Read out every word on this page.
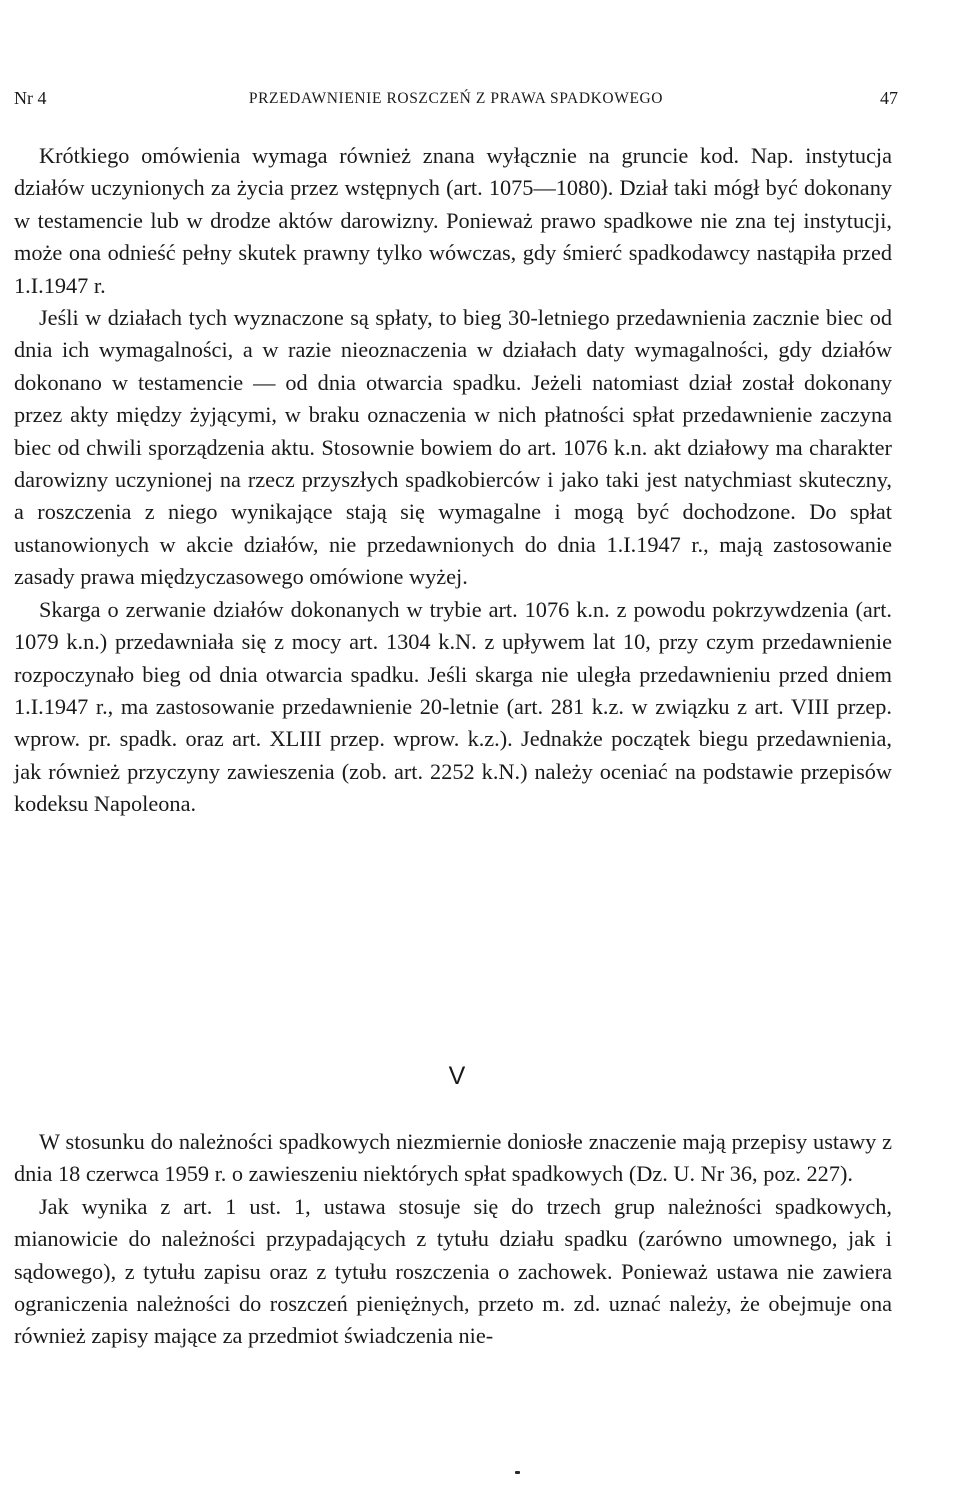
Nr 4	PRZEDAWNIENIE ROSZCZEŃ Z PRAWA SPADKOWEGO	47

Krótkiego omówienia wymaga również znana wyłącznie na gruncie kod. Nap. instytucja działów uczynionych za życia przez wstępnych (art. 1075—1080). Dział taki mógł być dokonany w testamencie lub w drodze aktów darowizny. Ponieważ prawo spadkowe nie zna tej instytucji, może ona odnieść pełny skutek prawny tylko wówczas, gdy śmierć spadkodawcy nastąpiła przed 1.I.1947 r.

Jeśli w działach tych wyznaczone są spłaty, to bieg 30-letniego przedawnienia zacznie biec od dnia ich wymagalności, a w razie nieoznaczenia w działach daty wymagalności, gdy działów dokonano w testamencie — od dnia otwarcia spadku. Jeżeli natomiast dział został dokonany przez akty między żyjącymi, w braku oznaczenia w nich płatności spłat przedawnienie zaczyna biec od chwili sporządzenia aktu. Stosownie bowiem do art. 1076 k.n. akt działowy ma charakter darowizny uczynionej na rzecz przyszłych spadkobierców i jako taki jest natychmiast skuteczny, a roszczenia z niego wynikające stają się wymagalne i mogą być dochodzone. Do spłat ustanowionych w akcie działów, nie przedawnionych do dnia 1.I.1947 r., mają zastosowanie zasady prawa międzyczasowego omówione wyżej.

Skarga o zerwanie działów dokonanych w trybie art. 1076 k.n. z powodu pokrzywdzenia (art. 1079 k.n.) przedawniała się z mocy art. 1304 k.N. z upływem lat 10, przy czym przedawnienie rozpoczynało bieg od dnia otwarcia spadku. Jeśli skarga nie uległa przedawnieniu przed dniem 1.I.1947 r., ma zastosowanie przedawnienie 20-letnie (art. 281 k.z. w związku z art. VIII przep. wprow. pr. spadk. oraz art. XLIII przep. wprow. k.z.). Jednakże początek biegu przedawnienia, jak również przyczyny zawieszenia (zob. art. 2252 k.N.) należy oceniać na podstawie przepisów kodeksu Napoleona.

V

W stosunku do należności spadkowych niezmiernie doniosłe znaczenie mają przepisy ustawy z dnia 18 czerwca 1959 r. o zawieszeniu niektórych spłat spadkowych (Dz. U. Nr 36, poz. 227).

Jak wynika z art. 1 ust. 1, ustawa stosuje się do trzech grup należności spadkowych, mianowicie do należności przypadających z tytułu działu spadku (zarówno umownego, jak i sądowego), z tytułu zapisu oraz z tytułu roszczenia o zachowek. Ponieważ ustawa nie zawiera ograniczenia należności do roszczeń pieniężnych, przeto m. zd. uznać należy, że obejmuje ona również zapisy mające za przedmiot świadczenia nie-
